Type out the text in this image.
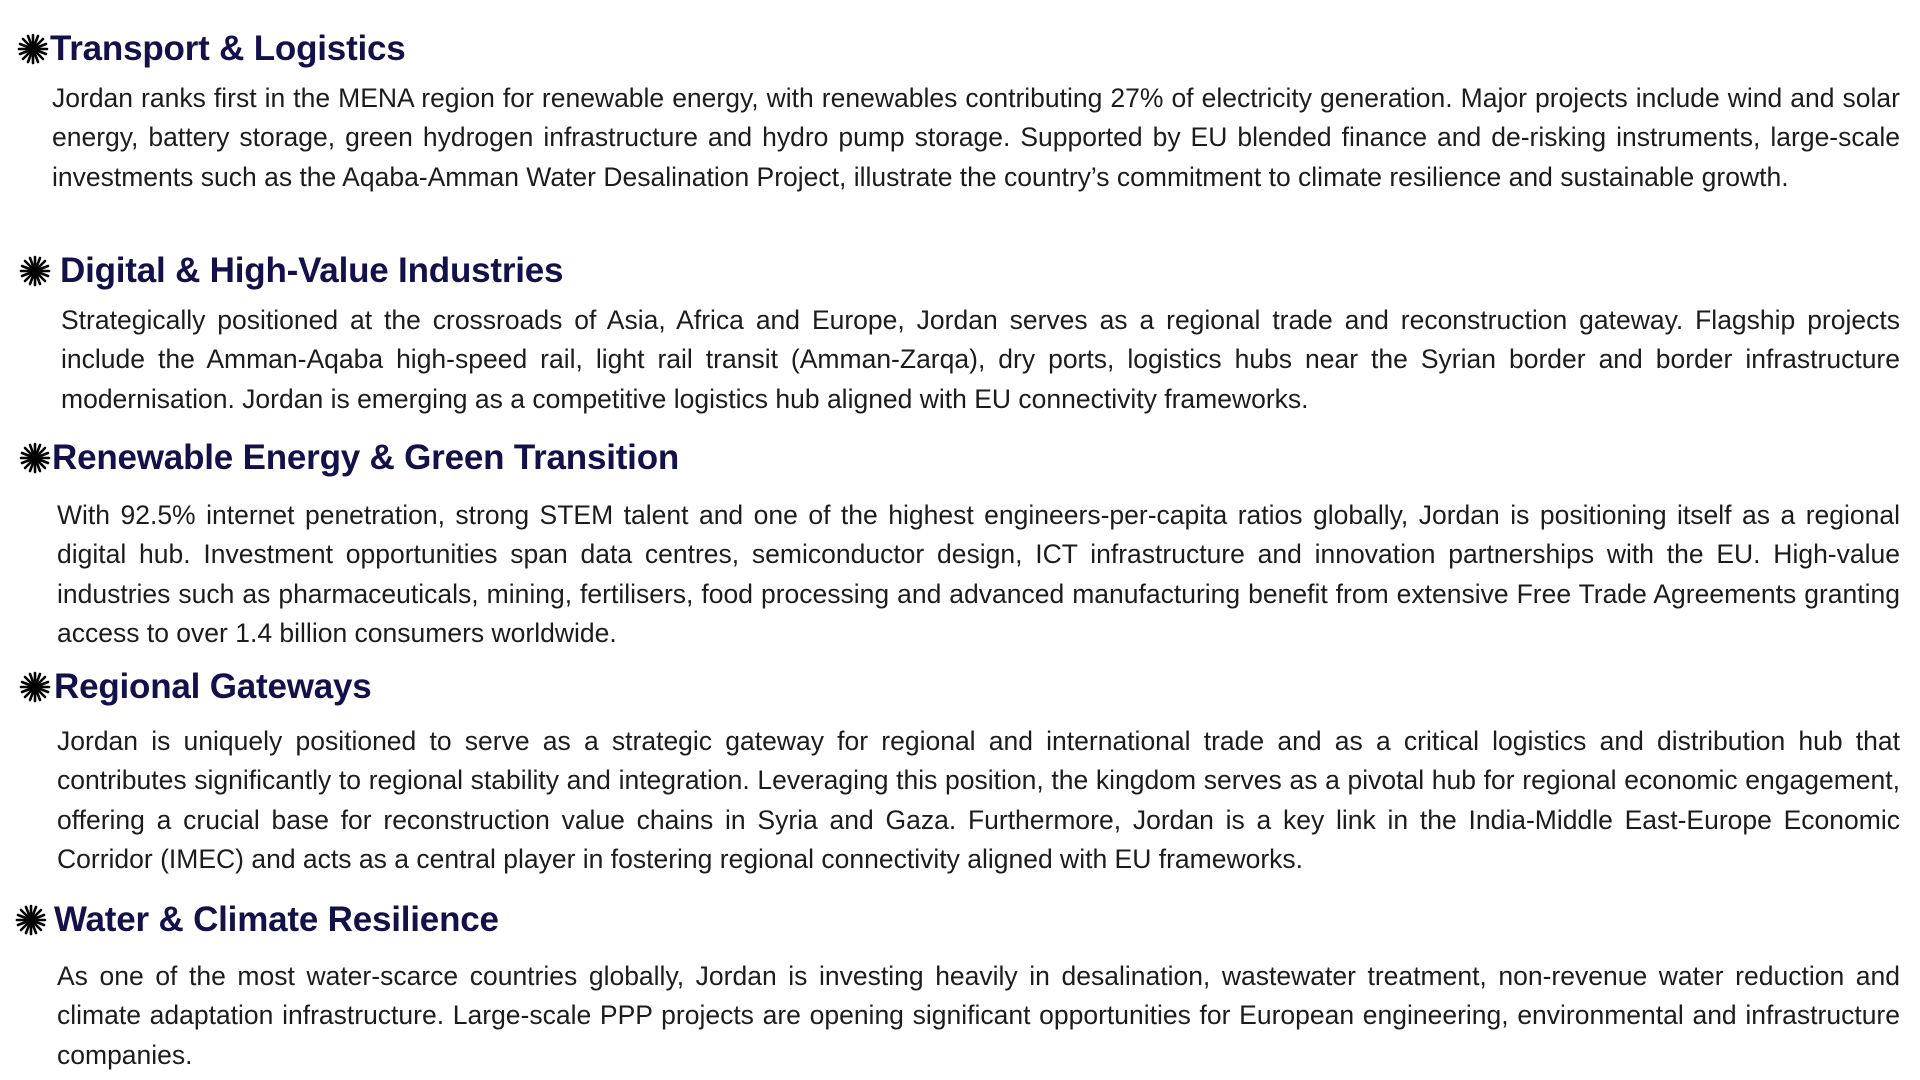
Transport & Logistics

Jordan ranks first in the MENA region for renewable energy, with renewables contributing 27% of electricity generation. Major projects include wind and solar energy, battery storage, green hydrogen infrastructure and hydro pump storage. Supported by EU blended finance and de-risking instruments, large-scale investments such as the Aqaba-Amman Water Desalination Project, illustrate the country’s commitment to climate resilience and sustainable growth.

Digital & High-Value Industries

Strategically positioned at the crossroads of Asia, Africa and Europe, Jordan serves as a regional trade and reconstruction gateway. Flagship projects include the Amman-Aqaba high-speed rail, light rail transit (Amman-Zarqa), dry ports, logistics hubs near the Syrian border and border infrastructure modernisation. Jordan is emerging as a competitive logistics hub aligned with EU connectivity frameworks.

Renewable Energy & Green Transition

With 92.5% internet penetration, strong STEM talent and one of the highest engineers-per-capita ratios globally, Jordan is positioning itself as a regional digital hub. Investment opportunities span data centres, semiconductor design, ICT infrastructure and innovation partnerships with the EU. High-value industries such as pharmaceuticals, mining, fertilisers, food processing and advanced manufacturing benefit from extensive Free Trade Agreements granting access to over 1.4 billion consumers worldwide.

Regional Gateways

Jordan is uniquely positioned to serve as a strategic gateway for regional and international trade and as a critical logistics and distribution hub that contributes significantly to regional stability and integration. Leveraging this position, the kingdom serves as a pivotal hub for regional economic engagement, offering a crucial base for reconstruction value chains in Syria and Gaza. Furthermore, Jordan is a key link in the India-Middle East-Europe Economic Corridor (IMEC) and acts as a central player in fostering regional connectivity aligned with EU frameworks.

Water & Climate Resilience

As one of the most water-scarce countries globally, Jordan is investing heavily in desalination, wastewater treatment, non-revenue water reduction and climate adaptation infrastructure. Large-scale PPP projects are opening significant opportunities for European engineering, environmental and infrastructure companies.
